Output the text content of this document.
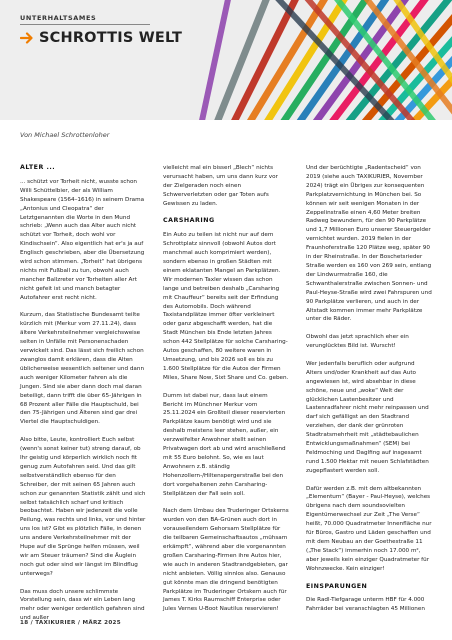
UNTERHALTSAMES
SCHROTTIS WELT
Von Michael Schrottenloher
ALTER ...

... schützt vor Torheit nicht, wusste schon Willi Schüttelbier, der als William Shakespeare (1564–1616) in seinem Drama „Antonius und Cleopatra“ der Letztgenannten die Worte in den Mund schrieb: „Wenn auch das Alter auch nicht schützt vor Torheit, doch wohl vor Kindischsein“. Also eigentlich hat er's ja auf Englisch geschrieben, aber die Übersetzung wird schon stimmen. „Torheit“ hat übrigens nichts mit Fußball zu tun, obwohl auch mancher Ballzreter vor Torheiten aller Art nicht gefeit ist und manch betagter Autofahrer erst recht nicht.

Kurzum, das Statistische Bundesamt teilte kürzlich mit (Merkur vom 27.11.24), dass ältere Verkehrsteilnehmer vergleichsweise selten in Unfälle mit Personenschaden verwickelt sind. Das lässt sich freilich schon zwanglos damit erklären, dass die Alten üblicherweise wesentlich seltener und dann auch weniger Kilometer fahren als die Jungen. Sind sie aber dann doch mal daran beteiligt, dann trifft die über 65-Jährigen in 68 Prozent aller Fälle die Hauptschuld, bei den 75-Jährigen und Älteren sind gar drei Viertel die Hauptschuldigen.

Also bitte, Leute, kontrolliert Euch selbst (wenn's sonst keiner tut) streng darauf, ob Ihr geistig und körperlich wirklich noch fit genug zum Autofahren seid. Und das gilt selbstverständlich ebenso für den Schreiber, der mit seinen 65 Jahren auch schon zur genannten Statistik zählt und sich selbst tatsächlich scharf und kritisch beobachtet. Haben wir jedenzeit die volle Peilung, was rechts und links, vor und hinter uns los ist? Gibt es plötzlich Fälle, in denen uns andere Verkehrsteilnehmer mit der Hupe auf die Sprünge helfen müssen, weil wir am Steuer träumen? Sind die Äuglein noch gut oder sind wir längst im Blindflug unterwegs?

Das muss doch unsere schlimmste Vorstellung sein, dass wir ein Leben lang mehr oder weniger ordentlich gefahren sind und außer

vielleicht mal ein bisserl „Blech“ nichts verursacht haben, um uns dann kurz vor der Zielgeraden noch einen Schwerverletzten oder gar Toten aufs Gewissen zu laden.

CARSHARING

Ein Auto zu teilen ist nicht nur auf dem Schrottplatz sinnvoll (obwohl Autos dort manchmal auch komprimiert werden), sondern ebenso in großen Städten mit einem eklatanten Mangel an Parkplätzen. Wir modernen Taxler wissen das schon lange und betreiben deshalb „Carsharing mit Chauffeur“ bereits seit der Erfindung des Automobils. Doch während Taxistandplätze immer öfter verkleinert oder ganz abgeschafft werden, hat die Stadt München bis Ende letzten Jahres schon 442 Stellplätze für solche Carsharing-Autos geschaffen, 80 weitere waren in Umsetzung, und bis 2026 soll es bis zu 1.600 Stellplätze für die Autos der Firmen Miles, Share Now, Sixt Share und Co. geben.

Dumm ist dabei nur, dass laut einem Bericht im Münchner Merkur vom 25.11.2024 ein Großteil dieser reservierten Parkplätze kaum benötigt wird und sie deshalb meistens leer stehen, außer, ein verzweifelter Anwohner stellt seinen Privatwagen dort ab und wird anschließend mit 55 Euro belohnt. So, wie es laut Anwohnern z.B. ständig Hohenzollern-/Hiltenspergerstraße bei den dort vorgehaltenen zehn Carsharing-Stellplätzen der Fall sein soll.

Nach dem Umbau des Truderinger Ortskerns wurden von den BA-Grünen auch dort in vorauseilendem Gehorsam Stellplätze für die teilbaren Gemeinschaftsautos „mühsam erkämpft“, während aber die vorgenannten großen Carsharing-Firmen ihre Autos hier, wie auch in anderen Stadtrandgebieten, gar nicht anbieten. Völlig sinnlos also. Genauso gut könnte man die dringend benötigten Parkplätze im Truderinger Ortskern auch für James T. Kirks Raumschiff Enterprise oder Jules Vernes U-Boot Nautilus reservieren!

Und der berüchtigte „Radentscheid“ von 2019 (siehe auch TAXIKURIER, November 2024) trägt ein Übriges zur konsequenten Parkplatzvernichtung in München bei. So können wir seit wenigen Monaten in der Zeppelinstraße einen 4,60 Meter breiten Radweg bewundern, für den 90 Parkplätze und 1,7 Millionen Euro unserer Steuergelder vernichtet wurden. 2019 fielen in der Fraunhoferstraße 120 Plätze weg, später 90 in der Rheinstraße. In der Boschetsrieder Straße werden es 160 von 269 sein, entlang der Lindwurmstraße 160, die Schwanthalerstraße zwischen Sonnen- und Paul-Heyse-Straße wird zwei Fahrspuren und 90 Parkplätze verlieren, und auch in der Altstadt kommen immer mehr Parkplätze unter die Räder.

Obwohl das jetzt sprachlich eher ein verunglücktes Bild ist. Wurscht!

Wer jedenfalls beruflich oder aufgrund Alters und/oder Krankheit auf das Auto angewiesen ist, wird absehbar in diese schöne, neue und „woke“ Welt der glücklichen Lastenbesitzer und Lastenradfahrer nicht mehr reinpassen und darf sich gefälligst an den Stadtrand verziehen, der dank der grünroten Stadtratsmehrheit mit „städtebaulichen Entwicklungsmaßnahmen“ (SEM) bei Feldmoching und Daglfing auf insgesamt rund 1.500 Hektar mit neuen Schlafstädten zugepflastert werden soll.

Dafür werden z.B. mit dem altbekannten „Elementum“ (Bayer - Paul-Heyse), welches übrigens nach dem soundsovielten Eigentümerwechsel zur Zeit „The Verse“ heißt, 70.000 Quadratmeter Innenfläche nur für Büros, Gastro und Läden geschaffen und mit dem Neubau an der Goethestraße 11 („The Stack“) immerhin noch 17.000 m², aber jeweils kein einziger Quadratmeter für Wohnzwecke. Kein einziger!

EINSPARUNGEN

Die Radl-Tiefgarage unterm HBF für 4.000 Fahrräder bei veranschlagten 45 Millionen

18 / TAXIKURIER / MÄRZ 2025
